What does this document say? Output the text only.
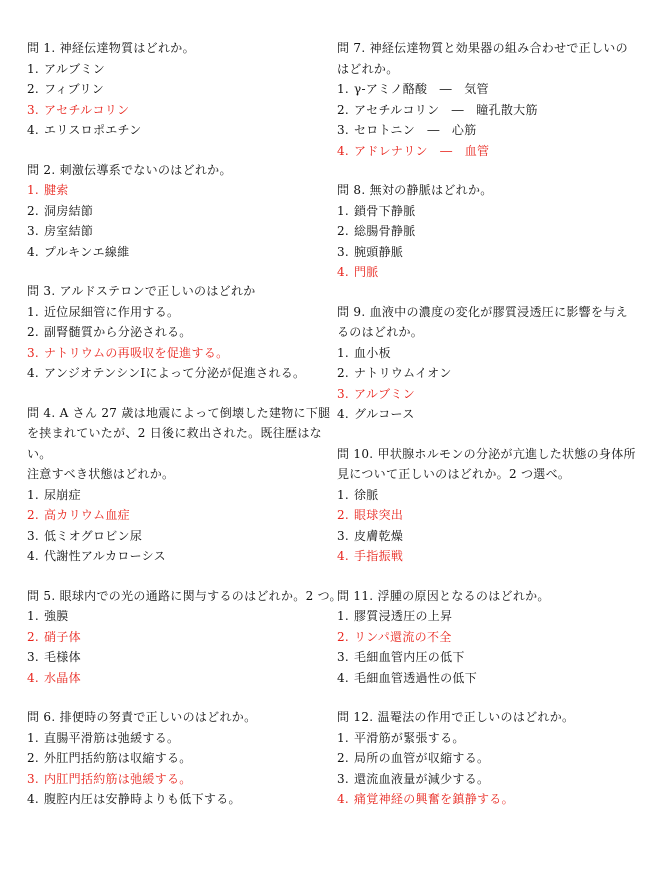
問 1. 神経伝達物質はどれか。
1. アルブミン
2. フィブリン
3. アセチルコリン
4. エリスロポエチン
問 2. 刺激伝導系でないのはどれか。
1. 腱索
2. 洞房結節
3. 房室結節
4. プルキンエ線維
問 3. アルドステロンで正しいのはどれか
1. 近位尿細管に作用する。
2. 副腎髄質から分泌される。
3. ナトリウムの再吸収を促進する。
4. アンジオテンシンⅠによって分泌が促進される。
問 4. A さん 27 歳は地震によって倒壊した建物に下腿
を挟まれていたが、2 日後に救出された。既往歴はな
い。
注意すべき状態はどれか。
1. 尿崩症
2. 高カリウム血症
3. 低ミオグロビン尿
4. 代謝性アルカローシス
問 5. 眼球内での光の通路に関与するのはどれか。2 つ。
1. 強膜
2. 硝子体
3. 毛様体
4. 水晶体
問 6. 排便時の努責で正しいのはどれか。
1. 直腸平滑筋は弛緩する。
2. 外肛門括約筋は収縮する。
3. 内肛門括約筋は弛緩する。
4. 腹腔内圧は安静時よりも低下する。
問 7. 神経伝達物質と効果器の組み合わせで正しいの
はどれか。
1. γ-アミノ酪酸　―　気管
2. アセチルコリン　―　瞳孔散大筋
3. セロトニン　―　心筋
4. アドレナリン　―　血管
問 8. 無対の静脈はどれか。
1. 鎖骨下静脈
2. 総腸骨静脈
3. 腕頭静脈
4. 門脈
問 9. 血液中の濃度の変化が膠質浸透圧に影響を与え
るのはどれか。
1. 血小板
2. ナトリウムイオン
3. アルブミン
4. グルコース
問 10. 甲状腺ホルモンの分泌が亢進した状態の身体所
見について正しいのはどれか。2 つ選べ。
1. 徐脈
2. 眼球突出
3. 皮膚乾燥
4. 手指振戦
問 11. 浮腫の原因となるのはどれか。
1. 膠質浸透圧の上昇
2. リンパ還流の不全
3. 毛細血管内圧の低下
4. 毛細血管透過性の低下
問 12. 温罨法の作用で正しいのはどれか。
1. 平滑筋が緊張する。
2. 局所の血管が収縮する。
3. 還流血液量が減少する。
4. 痛覚神経の興奮を鎮静する。
